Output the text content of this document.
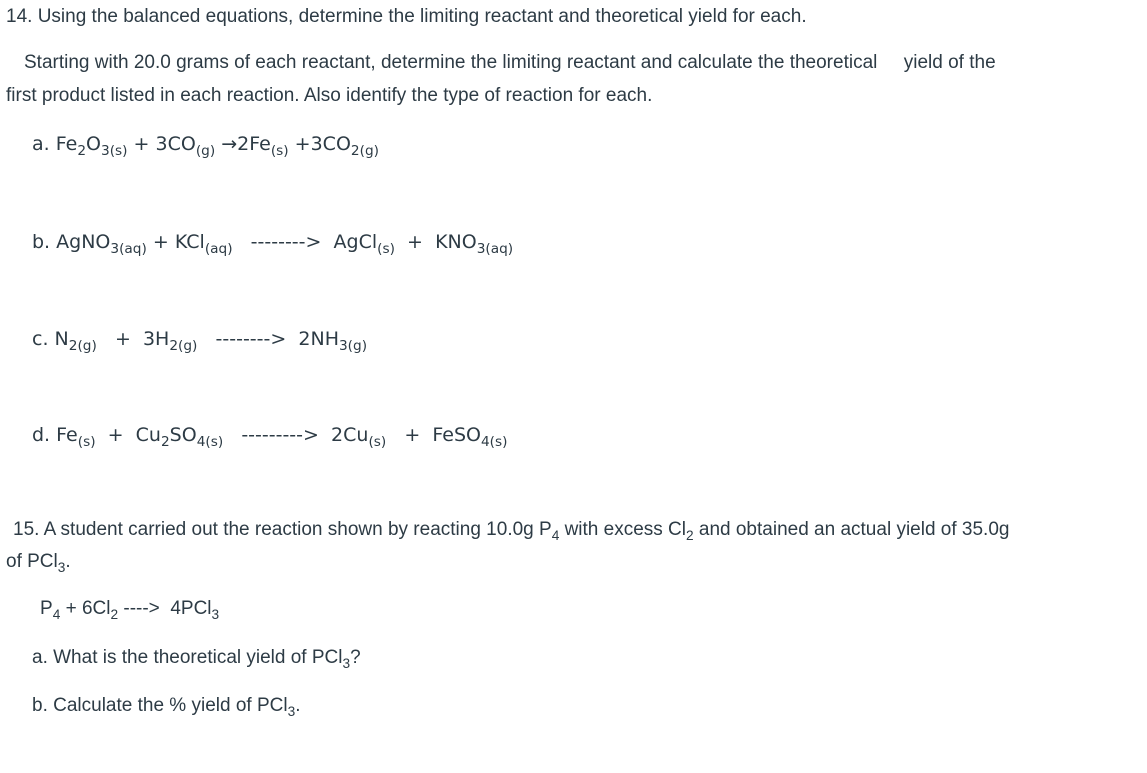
14. Using the balanced equations, determine the limiting reactant and theoretical yield for each.
Starting with 20.0 grams of each reactant, determine the limiting reactant and calculate the theoretical     yield of the
first product listed in each reaction. Also identify the type of reaction for each.
a. $Fe_2O_{3(s)} + 3CO_{(g)} \to 2Fe_{(s)} +3CO_{2(g)}$
b. AgNO$_{3(aq)}$ + KCl$_{(aq)}$ --------> AgCl$_{(s)}$ + $KNO_{3(aq)}$
c. $N_{2(g)} + 3H_{2(g)}$ --------> $2NH_{3(g)}$
d. $Fe_{(s)} + Cu_2SO_{4(s)}$ ---------> $2Cu_{(s)}$ + FeSO$_{4(s)}$
15. A student carried out the reaction shown by reacting 10.0g $P_4$ with excess $Cl_2$ and obtained an actual yield of 35.0g
of PCl$_3$.
$P_4 + 6Cl_2$ ----> 4PCl$_3$
a. What is the theoretical yield of PCl$_3$?
b. Calculate the % yield of PCl$_3$.
